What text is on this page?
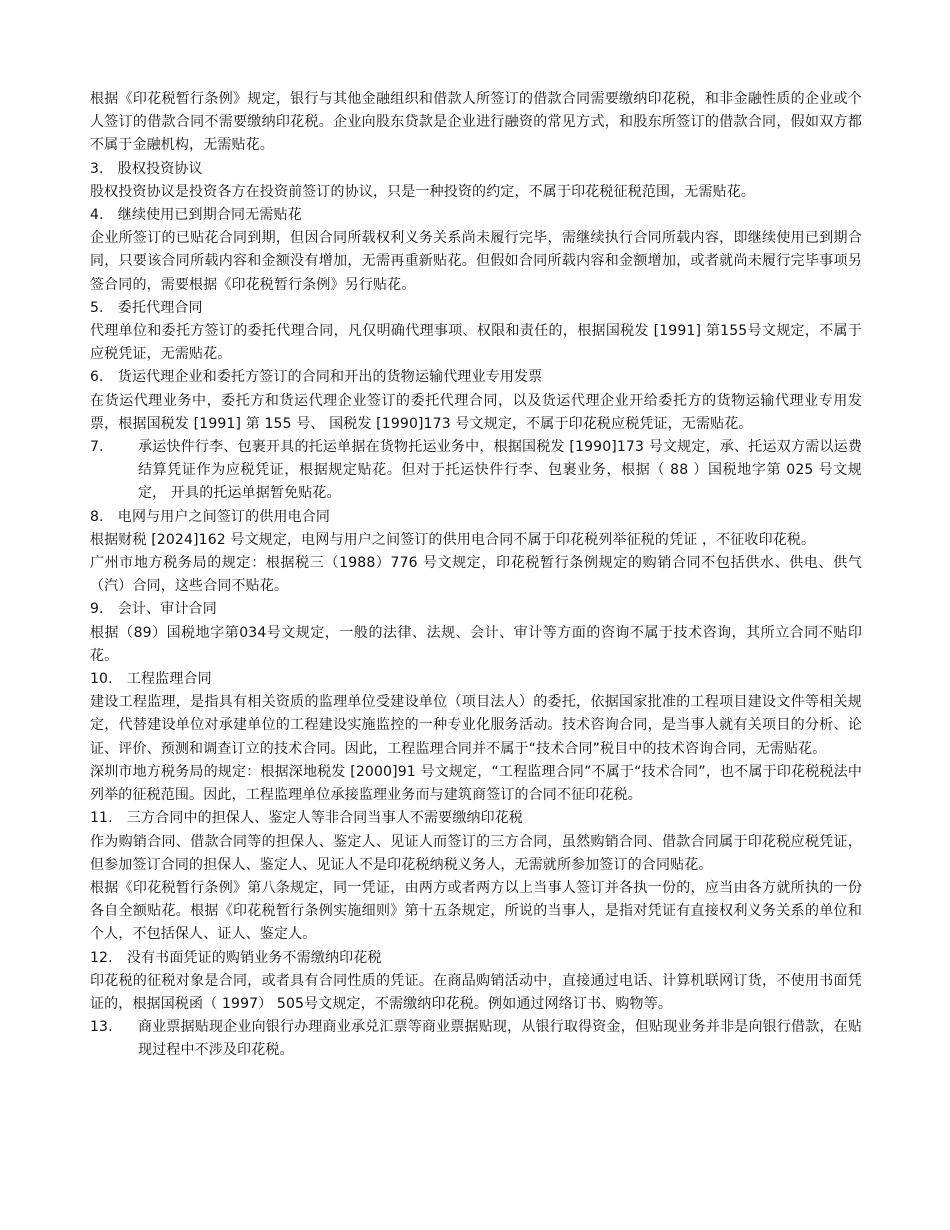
根据《印花税暂行条例》规定，银行与其他金融组织和借款人所签订的借款合同需要缴纳印花税，和非金融性质的企业或个人签订的借款合同不需要缴纳印花税。企业向股东贷款是企业进行融资的常见方式，和股东所签订的借款合同，假如双方都不属于金融机构，无需贴花。

3.　股权投资协议

股权投资协议是投资各方在投资前签订的协议，只是一种投资的约定，不属于印花税征税范围，无需贴花。

4.　继续使用已到期合同无需贴花

企业所签订的已贴花合同到期，但因合同所载权利义务关系尚未履行完毕，需继续执行合同所载内容，即继续使用已到期合同，只要该合同所载内容和金额没有增加，无需再重新贴花。但假如合同所载内容和金额增加，或者就尚未履行完毕事项另签合同的，需要根据《印花税暂行条例》另行贴花。

5.　委托代理合同

代理单位和委托方签订的委托代理合同，凡仅明确代理事项、权限和责任的，根据国税发 [1991] 第155号文规定，不属于应税凭证，无需贴花。

6.　货运代理企业和委托方签订的合同和开出的货物运输代理业专用发票

在货运代理业务中，委托方和货运代理企业签订的委托代理合同，以及货运代理企业开给委托方的货物运输代理业专用发票，根据国税发 [1991] 第 155 号、 国税发 [1990]173 号文规定，不属于印花税应税凭证，无需贴花。

7.	承运快件行李、包裹开具的托运单据在货物托运业务中，根据国税发 [1990]173 号文规定，承、托运双方需以运费结算凭证作为应税凭证，根据规定贴花。但对于托运快件行李、包裹业务，根据（ 88 ）国税地字第 025 号文规定， 开具的托运单据暂免贴花。

8.　电网与用户之间签订的供用电合同

根据财税 [2024]162 号文规定，电网与用户之间签订的供用电合同不属于印花税列举征税的凭证 ，不征收印花税。

广州市地方税务局的规定：根据税三（1988）776 号文规定，印花税暂行条例规定的购销合同不包括供水、供电、供气（汽）合同，这些合同不贴花。

9.　会计、审计合同

根据（89）国税地字第034号文规定，一般的法律、法规、会计、审计等方面的咨询不属于技术咨询，其所立合同不贴印花。

10.　工程监理合同

建设工程监理，是指具有相关资质的监理单位受建设单位（项目法人）的委托，依据国家批准的工程项目建设文件等相关规定，代替建设单位对承建单位的工程建设实施监控的一种专业化服务活动。技术咨询合同，是当事人就有关项目的分析、论证、评价、预测和调查订立的技术合同。因此，工程监理合同并不属于“技术合同”税目中的技术咨询合同，无需贴花。

深圳市地方税务局的规定：根据深地税发 [2000]91 号文规定，“工程监理合同”不属于“技术合同”，也不属于印花税税法中列举的征税范围。因此，工程监理单位承接监理业务而与建筑商签订的合同不征印花税。

11.　三方合同中的担保人、鉴定人等非合同当事人不需要缴纳印花税

作为购销合同、借款合同等的担保人、鉴定人、见证人而签订的三方合同，虽然购销合同、借款合同属于印花税应税凭证，但参加签订合同的担保人、鉴定人、见证人不是印花税纳税义务人，无需就所参加签订的合同贴花。

根据《印花税暂行条例》第八条规定，同一凭证，由两方或者两方以上当事人签订并各执一份的，应当由各方就所执的一份各自全额贴花。根据《印花税暂行条例实施细则》第十五条规定，所说的当事人，是指对凭证有直接权利义务关系的单位和个人，不包括保人、证人、鉴定人。

12.　没有书面凭证的购销业务不需缴纳印花税

印花税的征税对象是合同，或者具有合同性质的凭证。在商品购销活动中，直接通过电话、计算机联网订货，不使用书面凭证的，根据国税函（ 1997） 505号文规定，不需缴纳印花税。例如通过网络订书、购物等。

13.	商业票据贴现企业向银行办理商业承兑汇票等商业票据贴现，从银行取得资金，但贴现业务并非是向银行借款，在贴现过程中不涉及印花税。
